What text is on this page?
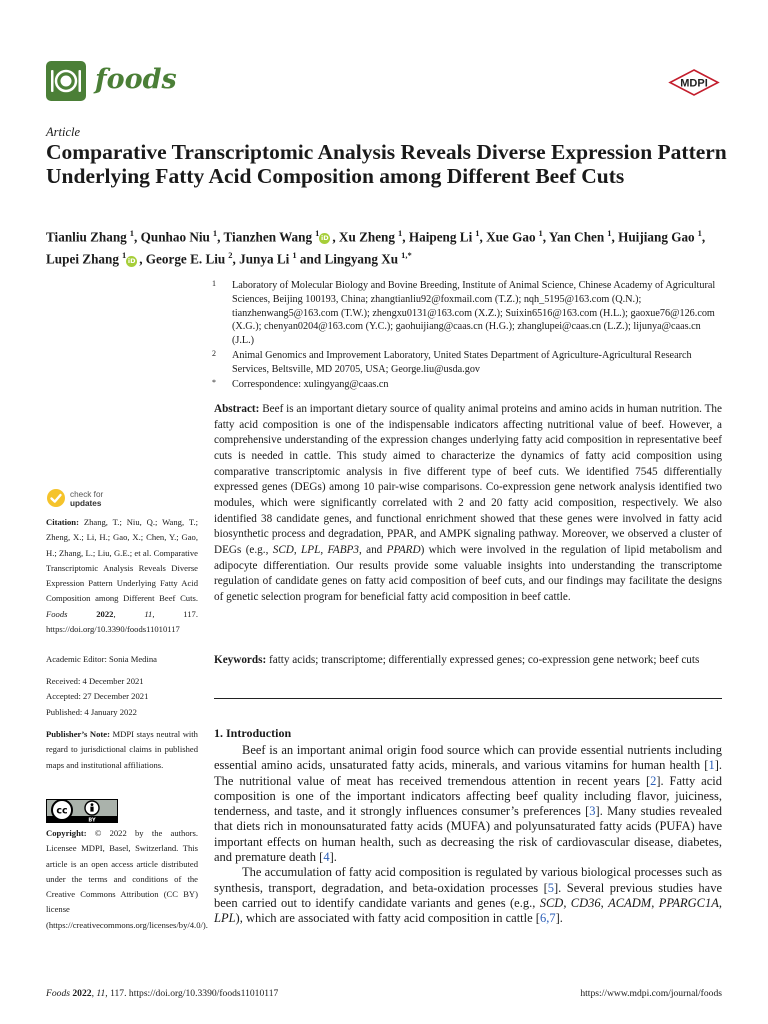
foods	MDPI
Article
Comparative Transcriptomic Analysis Reveals Diverse Expression Pattern Underlying Fatty Acid Composition among Different Beef Cuts
Tianliu Zhang $^1$, Qunhao Niu $^1$, Tianzhen Wang $^1$iD , Xu Zheng $^1$, Haipeng Li $^1$, Xue Gao $^1$, Yan Chen $^1$, Huijiang Gao $^1$, Lupei Zhang $^1$iD , George E. Liu $^2$, Junya Li $^1$ and Lingyang Xu $^{1,*}$
1 Laboratory of Molecular Biology and Bovine Breeding, Institute of Animal Science, Chinese Academy of Agricultural Sciences, Beijing 100193, China; zhangtianliu92@foxmail.com (T.Z.); nqh_5195@163.com (Q.N.); tianzhenwang5@163.com (T.W.); zhengxu0131@163.com (X.Z.); Suixin6516@163.com (H.L.); gaoxue76@126.com (X.G.); chenyan0204@163.com (Y.C.); gaohuijiang@caas.cn (H.G.); zhanglupei@caas.cn (L.Z.); lijunya@caas.cn (J.L.)
2 Animal Genomics and Improvement Laboratory, United States Department of Agriculture-Agricultural Research Services, Beltsville, MD 20705, USA; George.liu@usda.gov
* Correspondence: xulingyang@caas.cn
Abstract: Beef is an important dietary source of quality animal proteins and amino acids in human nutrition. The fatty acid composition is one of the indispensable indicators affecting nutritional value of beef. However, a comprehensive understanding of the expression changes underlying fatty acid composition in representative beef cuts is needed in cattle. This study aimed to characterize the dynamics of fatty acid composition using comparative transcriptomic analysis in five different type of beef cuts. We identified 7545 differentially expressed genes (DEGs) among 10 pair-wise comparisons. Co-expression gene network analysis identified two modules, which were significantly correlated with 2 and 20 fatty acid composition, respectively. We also identified 38 candidate genes, and functional enrichment showed that these genes were involved in fatty acid biosynthetic process and degradation, PPAR, and AMPK signaling pathway. Moreover, we observed a cluster of DEGs (e.g., SCD, LPL, FABP3, and PPARD) which were involved in the regulation of lipid metabolism and adipocyte differentiation. Our results provide some valuable insights into understanding the transcriptome regulation of candidate genes on fatty acid composition of beef cuts, and our findings may facilitate the designs of genetic selection program for beneficial fatty acid composition in beef cattle.
Keywords: fatty acids; transcriptome; differentially expressed genes; co-expression gene network; beef cuts
check for
updates
Citation: Zhang, T.; Niu, Q.; Wang, T.; Zheng, X.; Li, H.; Gao, X.; Chen, Y.; Gao, H.; Zhang, L.; Liu, G.E.; et al. Comparative Transcriptomic Analysis Reveals Diverse Expression Pattern Underlying Fatty Acid Composition among Different Beef Cuts. Foods 2022, 11, 117. https://doi.org/10.3390/foods11010117
Academic Editor: Sonia Medina
Received: 4 December 2021
Accepted: 27 December 2021
Published: 4 January 2022
Publisher’s Note: MDPI stays neutral with regard to jurisdictional claims in published maps and institutional affiliations.
cc
BY
Copyright: © 2022 by the authors. Licensee MDPI, Basel, Switzerland. This article is an open access article distributed under the terms and conditions of the Creative Commons Attribution (CC BY) license (https://creativecommons.org/licenses/by/4.0/).
1. Introduction

Beef is an important animal origin food source which can provide essential nutrients including essential amino acids, unsaturated fatty acids, minerals, and various vitamins for human health [1]. The nutritional value of meat has received tremendous attention in recent years [2]. Fatty acid composition is one of the important indicators affecting beef quality including flavor, juiciness, tenderness, and taste, and it strongly influences consumer’s preferences [3]. Many studies revealed that diets rich in monounsaturated fatty acids (MUFA) and polyunsaturated fatty acids (PUFA) have important effects on human health, such as decreasing the risk of cardiovascular disease, diabetes, and premature death [4].

The accumulation of fatty acid composition is regulated by various biological processes such as synthesis, transport, degradation, and beta-oxidation processes [5]. Several previous studies have been carried out to identify candidate variants and genes (e.g., SCD, CD36, ACADM, PPARGC1A, LPL), which are associated with fatty acid composition in cattle [6,7].

Foods 2022, 11, 117. https://doi.org/10.3390/foods11010117	https://www.mdpi.com/journal/foods
